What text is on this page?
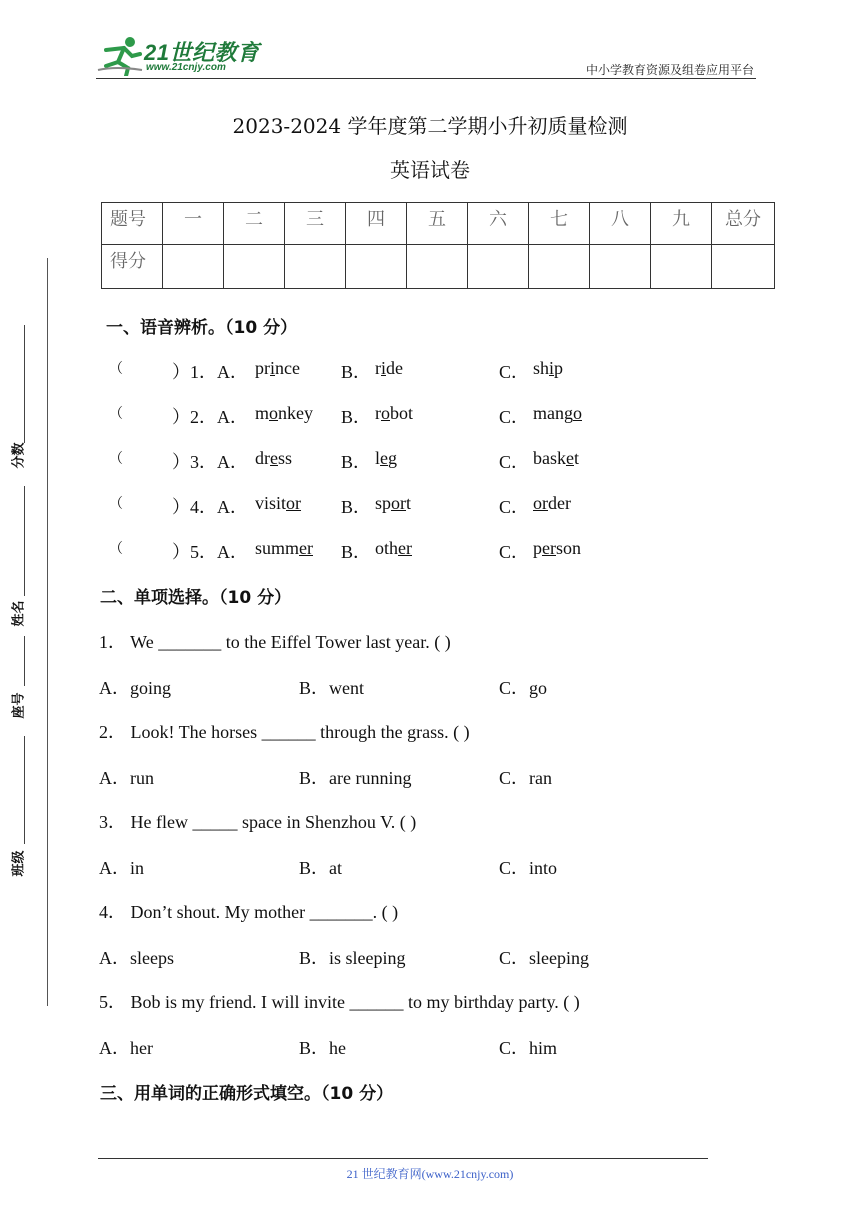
21世纪教育
www.21cnjy.com	中小学教育资源及组卷应用平台
2023-2024 学年度第二学期小升初质量检测
英语试卷
题号	一	二	三	四	五	六	七	八	九	总分
得分										
分数
姓名
座号
班级
一、语音辨析。（10 分）
（	）1．A． prince B． ride	C． ship
（	）2．A． monkey B． robot	C． mango
（	）3．A． dress	B． leg	C． basket
（	）4．A． visitor B． sport	C． order
（	）5．A． summer B． other	C． person
二、单项选择。（10 分）
1． We _______ to the Eiffel Tower last year. ( )
A．going	B．went	C．go
2． Look! The horses ______ through the grass. ( )
A．run	B．are running	C．ran
3． He flew _____ space in Shenzhou V. ( )
A．in	B．at	C．into
4． Don’t shout. My mother _______. ( )
A．sleeps	B．is sleeping	C．sleeping
5． Bob is my friend. I will invite ______ to my birthday party. ( )
A．her	B．he	C．him
三、用单词的正确形式填空。（10 分）
21 世纪教育网(www.21cnjy.com)
